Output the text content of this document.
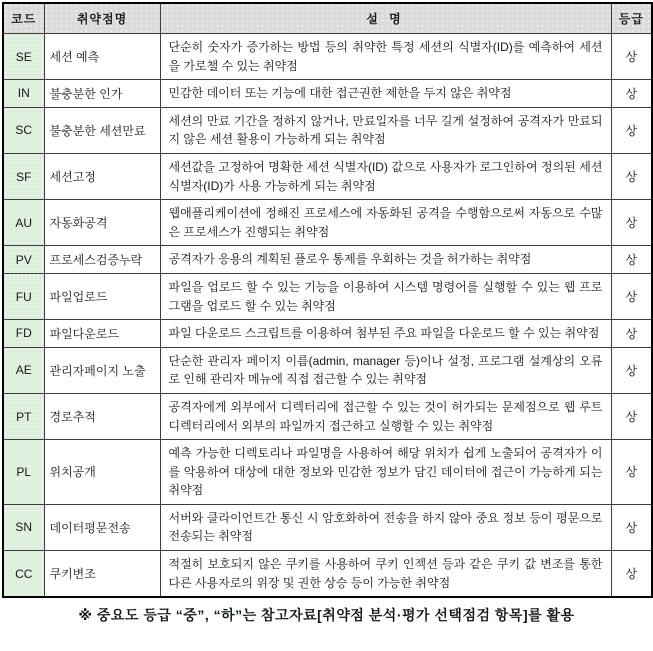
코드	취약점명	설 명	등급
SE	세션 예측	단순히 숫자가 증가하는 방법 등의 취약한 특정 세션의 식별자(ID)를 예측하여 세션을 가로챌 수 있는 취약점	상
IN	불충분한 인가	민감한 데이터 또는 기능에 대한 접근권한 제한을 두지 않은 취약점	상
SC	불충분한 세션만료	세션의 만료 기간을 정하지 않거나, 만료일자를 너무 길게 설정하여 공격자가 만료되지 않은 세션 활용이 가능하게 되는 취약점	상
SF	세션고정	세션값을 고정하여 명확한 세션 식별자(ID) 값으로 사용자가 로그인하여 정의된 세션 식별자(ID)가 사용 가능하게 되는 취약점	상
AU	자동화공격	웹애플리케이션에 정해진 프로세스에 자동화된 공격을 수행함으로써 자동으로 수많은 프로세스가 진행되는 취약점	상
PV	프로세스검증누락	공격자가 응용의 계획된 플로우 통제를 우회하는 것을 허가하는 취약점	상
FU	파일업로드	파일을 업로드 할 수 있는 기능을 이용하여 시스템 명령어를 실행할 수 있는 웹 프로그램을 업로드 할 수 있는 취약점	상
FD	파일다운로드	파일 다운로드 스크립트를 이용하여 첨부된 주요 파일을 다운로드 할 수 있는 취약점	상
AE	관리자페이지 노출	단순한 관리자 페이지 이름(admin, manager 등)이나 설정, 프로그램 설계상의 오류로 인해 관리자 메뉴에 직접 접근할 수 있는 취약점	상
PT	경로추적	공격자에게 외부에서 디렉터리에 접근할 수 있는 것이 허가되는 문제점으로 웹 루트 디렉터리에서 외부의 파일까지 접근하고 실행할 수 있는 취약점	상
PL	위치공개	예측 가능한 디렉토리나 파일명을 사용하여 해당 위치가 쉽게 노출되어 공격자가 이를 악용하여 대상에 대한 정보와 민감한 정보가 담긴 데이터에 접근이 가능하게 되는 취약점	상
SN	데이터평문전송	서버와 클라이언트간 통신 시 암호화하여 전송을 하지 않아 중요 정보 등이 평문으로 전송되는 취약점	상
CC	쿠키변조	적절히 보호되지 않은 쿠키를 사용하여 쿠키 인젝션 등과 같은 쿠키 값 변조를 통한 다른 사용자로의 위장 및 권한 상승 등이 가능한 취약점	상
※ 중요도 등급 “중”, “하”는 참고자료[취약점 분석·평가 선택점검 항목]를 활용
